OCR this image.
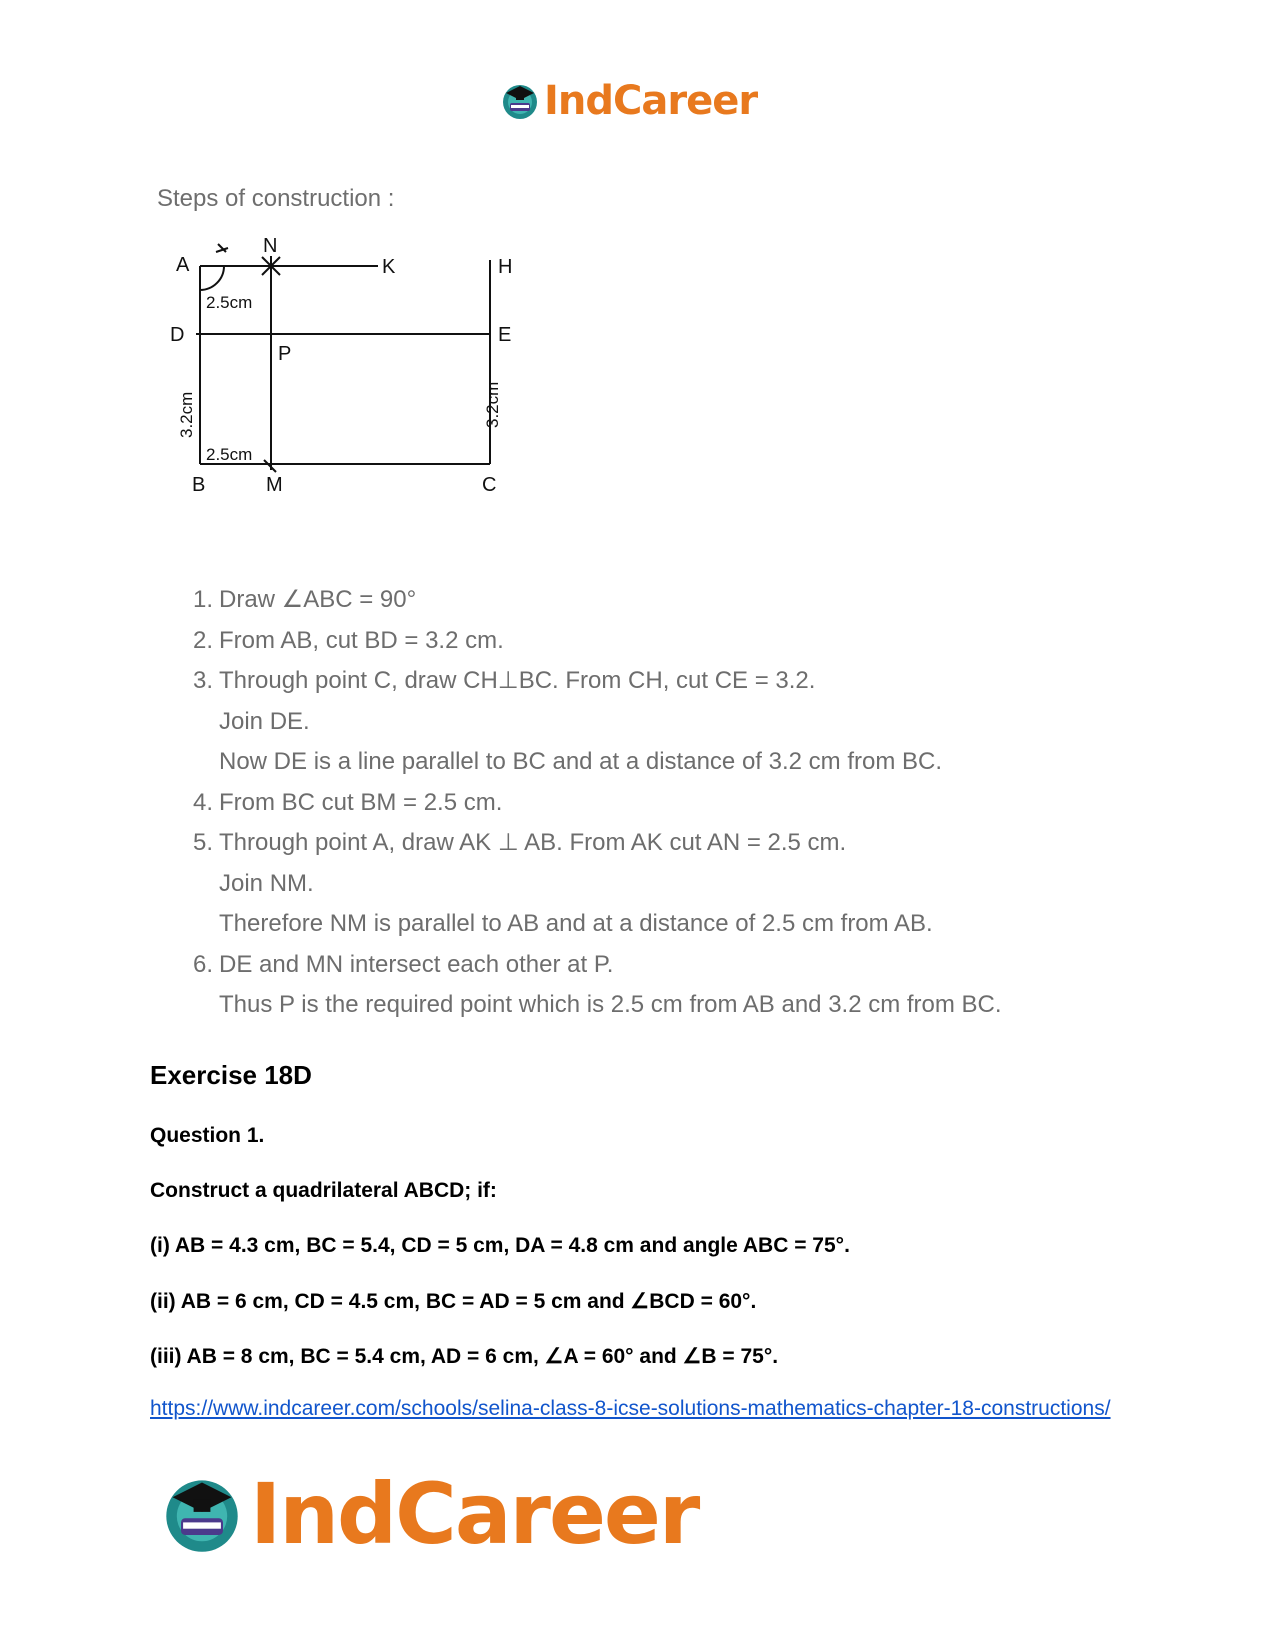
IndCareer
Steps of construction :
A
N
K	H
D	E
P
B	M	C
2.5cm
2.5cm
3.2cm	3.2cm
1. Draw ∠ABC = 90°
2. From AB, cut BD = 3.2 cm.
3. Through point C, draw CH⊥BC. From CH, cut CE = 3.2.
Join DE.
Now DE is a line parallel to BC and at a distance of 3.2 cm from BC.
4. From BC cut BM = 2.5 cm.
5. Through point A, draw AK ⊥ AB. From AK cut AN = 2.5 cm.
Join NM.
Therefore NM is parallel to AB and at a distance of 2.5 cm from AB.
6. DE and MN intersect each other at P.
Thus P is the required point which is 2.5 cm from AB and 3.2 cm from BC.
Exercise 18D
Question 1.
Construct a quadrilateral ABCD; if:
(i) AB = 4.3 cm, BC = 5.4, CD = 5 cm, DA = 4.8 cm and angle ABC = 75°.
(ii) AB = 6 cm, CD = 4.5 cm, BC = AD = 5 cm and ∠BCD = 60°.
(iii) AB = 8 cm, BC = 5.4 cm, AD = 6 cm, ∠A = 60° and ∠B = 75°.
https://www.indcareer.com/schools/selina-class-8-icse-solutions-mathematics-chapter-18-constructions/
IndCareer
